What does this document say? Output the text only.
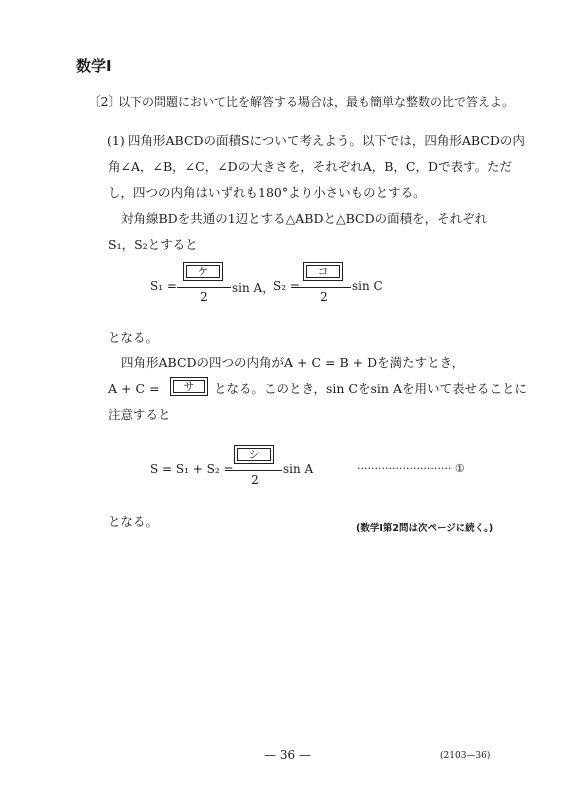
数学Ⅰ
〔2〕
以下の問題において比を解答する場合は，最も簡単な整数の比で答えよ。
(1) 四角形ABCDの面積Sについて考えよう。以下では，四角形ABCDの内
角∠A，∠B，∠C，∠Dの大きさを，それぞれA，B，C，Dで表す。ただ
し，四つの内角はいずれも180°より小さいものとする。
対角線BDを共通の1辺とする△ABDと△BCDの面積を，それぞれ
S₁，S₂とすると
S₁ =
ケ
2
sin A，
S₂ =
コ
2
sin C
となる。
四角形ABCDの四つの内角がA + C = B + Dを満たすとき，
A + C =	サ	となる。このとき，sin Cをsin Aを用いて表せることに
注意すると
S = S₁ + S₂ =
シ
2
sin A	··························· ①
となる。	(数学Ⅰ第2問は次ページに続く。)
— 36 —	(2103—36)
